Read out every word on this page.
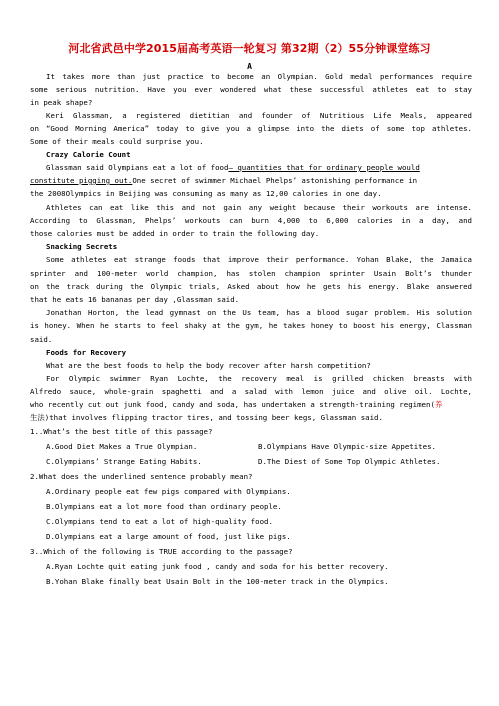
河北省武邑中学2015届高考英语一轮复习 第32期（2）55分钟课堂练习
A
It takes more than just practice to become an Olympian. Gold medal performances require
some serious nutrition. Have you ever wondered what these successful athletes eat to stay
in peak shape?
Keri Glassman, a registered dietitian and founder of Nutritious Life Meals, appeared
on “Good Morning America” today to give you a glimpse into the diets of some top athletes.
Some of their meals could surprise you.
Crazy Calorie Count
Glassman said Olympians eat a lot of food– quantities that for ordinary people would
constitute pigging out.One secret of swimmer Michael Phelps’ astonishing performance in
the 2008Olympics in Beijing was consuming as many as 12,00 calories in one day.
Athletes can eat like this and not gain any weight because their workouts are intense.
According to Glassman, Phelps’ workouts can burn 4,000 to 6,000 calories in a day, and
those calories must be added in order to train the following day.
Snacking Secrets
Some athletes eat strange foods that improve their performance. Yohan Blake, the Jamaica
sprinter and 100-meter world champion, has stolen champion sprinter Usain Bolt’s thunder
on the track during the Olympic trials, Asked about how he gets his energy. Blake answered
that he eats 16 bananas per day ,Glassman said.
Jonathan Horton, the lead gymnast on the Us team, has a blood sugar problem. His solution
is honey. When he starts to feel shaky at the gym, he takes honey to boost his energy, Classman
said.
Foods for Recovery
What are the best foods to help the body recover after harsh competition?
For Olympic swimmer Ryan Lochte, the recovery meal is grilled chicken breasts with
Alfredo sauce, whole-grain spaghetti and a salad with lemon juice and olive oil. Lochte,
who recently cut out junk food, candy and soda, has undertaken a strength-training regimen(养
生法)that involves flipping tractor tires, and tossing beer kegs, Glassman said.
1..What’s the best title of this passage?
A.Good Diet Makes a True Olympian.	B.Olympians Have Olympic-size Appetites.
C.Olympians’ Strange Eating Habits.	D.The Diest of Some Top Olympic Athletes.
2.What does the underlined sentence probably mean?
A.Ordinary people eat few pigs compared with Olympians.
B.Olympians eat a lot more food than ordinary people.
C.Olympians tend to eat a lot of high-quality food.
D.Olympians eat a large amount of food, just like pigs.
3..Which of the following is TRUE according to the passage?
A.Ryan Lochte quit eating junk food , candy and soda for his better recovery.
B.Yohan Blake finally beat Usain Bolt in the 100-meter track in the Olympics.
